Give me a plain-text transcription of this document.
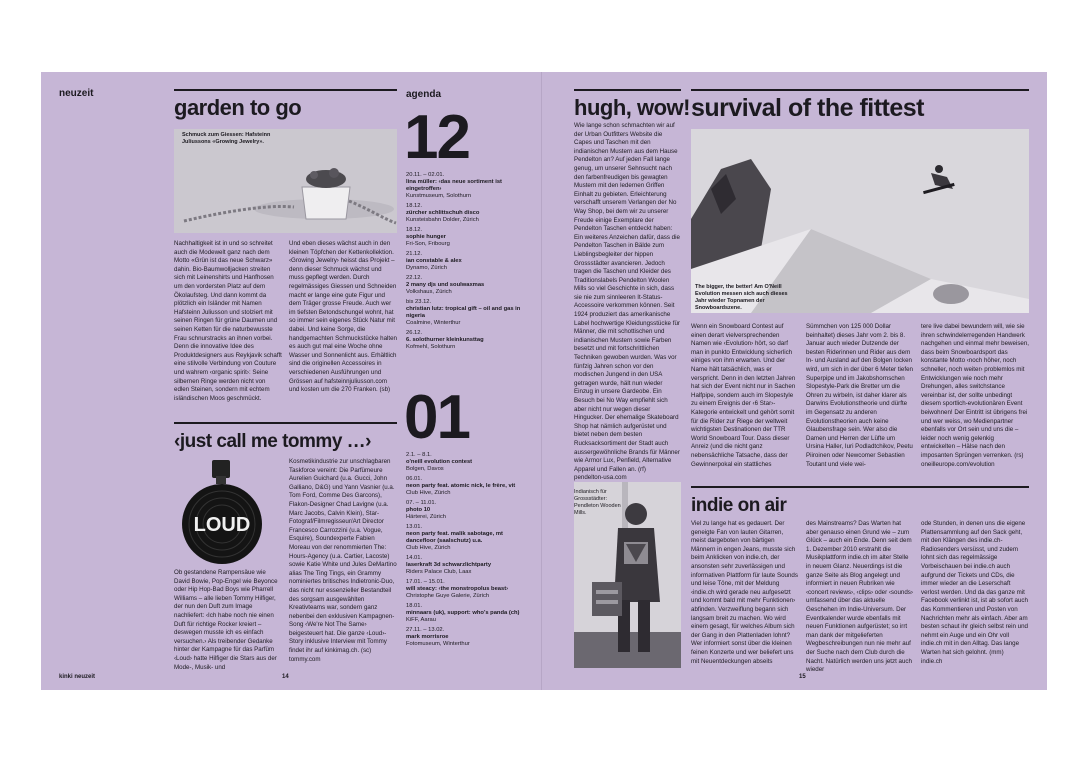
neuzeit
garden to go
Schmuck zum Giessen: Hafsteinn Juliussons «Growing Jewelry».
Nachhaltigkeit ist in und so schreitet auch die Modewelt ganz nach dem Motto «Grün ist das neue Schwarz» dahin. Bio-Baumwolljacken streiten sich mit Leinenshirts und Hanfhosen um den vordersten Platz auf dem Ökolaufsteg. Und dann kommt da plötzlich ein Isländer mit Namen Hafsteinn Juliusson und stolziert mit seinen Ringen für grüne Daumen und seinen Ketten für die naturbewusste Frau schnurstracks an ihnen vorbei. Denn die innovative Idee des Produktdesigners aus Reykjavik schafft eine stilvolle Verbindung von Couture und wahrem ‹organic spirit›: Seine silbernen Ringe werden nicht von edlen Steinen, sondern mit echtem isländischen Moos geschmückt.
Und eben dieses wächst auch in den kleinen Töpfchen der Kettenkollektion. ‹Growing Jewelry› heisst das Projekt – denn dieser Schmuck wächst und muss gepflegt werden. Durch regelmässiges Giessen und Schneiden macht er lange eine gute Figur und dem Träger grosse Freude. Auch wer im tiefsten Betondschungel wohnt, hat so immer sein eigenes Stück Natur mit dabei. Und keine Sorge, die handgemachten Schmuckstücke halten es auch gut mal eine Woche ohne Wasser und Sonnenlicht aus. Erhältlich sind die originellen Accessoires in verschiedenen Ausführungen und Grössen auf hafsteinnjuliusson.com und kosten um die 270 Franken. (sb)
‹just call me tommy …›
LOUD
Ob gestandene Rampensäue wie David Bowie, Pop-Engel wie Beyonce oder Hip Hop-Bad Boys wie Pharrell Williams – alle lieben Tommy Hilfiger, der nun den Duft zum Image nachliefert: ‹Ich habe noch nie einen Duft für richtige Rocker kreiert – deswegen musste ich es einfach versuchen.› Als treibender Gedanke hinter der Kampagne für das Parfüm ‹Loud› hatte Hilfiger die Stars aus der Mode-, Musik- und
Kosmetikindustrie zur unschlagbaren Taskforce vereint: Die Parfümeure Aurelien Guichard (u.a. Gucci, John Galliano, D&G) und Yann Vasnier (u.a. Tom Ford, Comme Des Garcons), Flakon-Designer Chad Lavigne (u.a. Marc Jacobs, Calvin Klein), Star-Fotograf/Filmregisseur/Art Director Francesco Carrozzini (u.a. Vogue, Esquire), Soundexperte Fabien Moreau von der renommierten The: Hours-Agency (u.a. Cartier, Lacoste) sowie Katie White und Jules DeMartino alias The Ting Tings, ein Grammy nominiertes britisches Indietronic-Duo, das nicht nur essenzieller Bestandteil des sorgsam ausgewählten Kreativteams war, sondern ganz nebenbei den exklusiven Kampagnen-Song ‹We're Not The Same› beigesteuert hat. Die ganze ‹Loud›-Story inklusive Interview mit Tommy findet ihr auf kinkimag.ch. (sc)
tommy.com
kinki neuzeit	14
agenda
12
20.11. – 02.01.
lina müller: ‹das neue sortiment ist eingetroffen›
Kunstmuseum, Solothurn
18.12.
zürcher schlittschuh disco
Kunsteisbahn Dolder, Zürich
18.12.
sophie hunger
Fri-Son, Fribourg
21.12.
ian constable & alex
Dynamo, Zürich
22.12.
2 many djs und soulwaxmas
Volkshaus, Zürich
bis 23.12.
christian lutz: tropical gift – oil and gas in nigeria
Coalmine, Winterthur
26.12.
6. solothurner kleinkunsttag
Kofmehl, Solothurn
01
2.1. – 8.1.
o'neill evolution contest
Bolgen, Davos
06.01.
neon party feat. atomic nick, le frère, vit
Club Hive, Zürich
07. – 11.01.
photo 10
Härterei, Zürich
13.01.
neon party feat. malik sabotage, mt dancefloor (saalschutz) u.a.
Club Hive, Zürich
14.01.
laserkraft 3d schwarzlichtparty
Riders Palace Club, Laax
17.01. – 15.01.
will steacy: ‹the monstropolus beast›
Christophe Guye Galerie, Zürich
18.01.
minnaars (uk), support: who's panda (ch)
KiFF, Aarau
27.11. – 13.02.
mark morrisroe
Fotomuseum, Winterthur
hugh, wow!
Wie lange schon schmachten wir auf der Urban Outfitters Website die Capes und Taschen mit den indianischen Mustern aus dem Hause Pendelton an? Auf jeden Fall lange genug, um unserer Sehnsucht nach den farbenfreudigen bis gewagten Mustern mit den ledernen Griffen Einhalt zu gebieten. Erleichterung verschafft unserem Verlangen der No Way Shop, bei dem wir zu unserer Freude einige Exemplare der Pendelton Taschen entdeckt haben: Ein weiteres Anzeichen dafür, dass die Pendelton Taschen in Bälde zum Lieblingsbegleiter der hippen Grossstädter avancieren. Jedoch tragen die Taschen und Kleider des Traditionslabels Pendelton Woolen Mills so viel Geschichte in sich, dass sie nie zum sinnleeren It-Status-Accessoire verkommen können. Seit 1924 produziert das amerikanische Label hochwertige Kleidungsstücke für Männer, die mit schottischen und indianischen Mustern sowie Farben besetzt und mit fortschrittlichen Techniken gewoben wurden. Was vor fünfzig Jahren schon vor den modischen Jungend in den USA getragen wurde, hält nun wieder Einzug in unsere Gardeobe. Ein Besuch bei No Way empfiehlt sich aber nicht nur wegen dieser Hingucker. Der ehemalige Skateboard Shop hat nämlich aufgerüstet und bietet neben dem besten Rucksacksortiment der Stadt auch aussergewöhnliche Brands für Männer wie Armor Lux, Penfield, Alternative Apparel und Fallen an. (rf)
pendelton-usa.com

Indianisch für Grossstädter: Pendleton Wooden Mills.
survival of the fittest
The bigger, the better! Am O'Neill Evolution messen sich auch dieses Jahr wieder Topnamen der Snowboardszene.
Wenn ein Snowboard Contest auf einen derart vielversprechenden Namen wie ‹Evolution› hört, so darf man in punkto Entwicklung sicherlich einiges von ihm erwarten. Und der Name hält tatsächlich, was er verspricht. Denn in den letzten Jahren hat sich der Event nicht nur in Sachen Halfpipe, sondern auch im Slopestyle zu einem Ereignis der ‹6 Star›-Kategorie entwickelt und gehört somit für die Rider zur Riege der weltweit wichtigsten Destinationen der TTR World Snowboard Tour. Dass dieser Anreiz (und die nicht ganz nebensächliche Tatsache, dass der Gewinnerpokal ein stattliches
Sümmchen von 125 000 Dollar beinhaltet) dieses Jahr vom 2. bis 8. Januar auch wieder Dutzende der besten Riderinnen und Rider aus dem In- und Ausland auf den Bolgen locken wird, um sich in der über 6 Meter tiefen Superpipe und im Jakobshornschen Slopestyle-Park die Bretter um die Ohren zu wirbeln, ist daher klarer als Darwins Evolutionstheorie und dürfte im Gegensatz zu anderen Evolutionstheorien auch keine Glaubensfrage sein. Wer also die Damen und Herren der Lüfte um Ursina Haller, Iuri Podladtchikov, Peetu Piiroinen oder Newcomer Sebastien Toutant und viele wei-
tere live dabei bewundern will, wie sie ihren schwindelerregenden Handwerk nachgehen und einmal mehr beweisen, dass beim Snowboardsport das konstante Motto ‹noch höher, noch schneller, noch weiter› problemlos mit Entwicklungen wie noch mehr Drehungen, alles switchstance vereinbar ist, der sollte unbedingt diesem sportlich-evolutionären Event beiwohnen! Der Eintritt ist übrigens frei und wer weiss, wo Medienpartner ebenfalls vor Ort sein und uns die – leider noch wenig gelenkig entwickelten – Hälse nach den imposanten Sprüngen verrenken. (rs)
oneilleurope.com/evolution
indie on air
Viel zu lange hat es gedauert. Der geneigte Fan von lauten Gitarren, meist dargeboten von bärtigen Männern in engen Jeans, musste sich beim Anklicken von indie.ch, der ansonsten sehr zuverlässigen und informativen Plattform für laute Sounds und leise Töne, mit der Meldung ‹indie.ch wird gerade neu aufgesetzt und kommt bald mit mehr Funktionen› abfinden. Verzweiflung begann sich langsam breit zu machen. Wo wird einem gesagt, für welches Album sich der Gang in den Plattenladen lohnt? Wer informiert sonst über die kleinen feinen Konzerte und wer beliefert uns mit Neuentdeckungen abseits
des Mainstreams? Das Warten hat aber genauso einen Grund wie – zum Glück – auch ein Ende. Denn seit dem 1. Dezember 2010 erstrahlt die Musikplattform indie.ch im alter Stelle in neuem Glanz. Neuerdings ist die ganze Seite als Blog angelegt und informiert in neuen Rubriken wie ‹concert reviews›, ‹clips› oder ‹sounds› umfassend über das aktuelle Geschehen im Indie-Universum. Der Eventkalender wurde ebenfalls mit neuen Funktionen aufgerüstet; so irrt man dank der mitgelieferten Wegbeschreibungen nun nie mehr auf der Suche nach dem Club durch die Nacht. Natürlich werden uns jetzt auch wieder
ode Stunden, in denen uns die eigene Plattensammlung auf den Sack geht, mit den Klängen des indie.ch-Radiosenders versüsst, und zudem lohnt sich das regelmässige Vorbeischauen bei indie.ch auch aufgrund der Tickets und CDs, die immer wieder an die Leserschaft verlost werden. Und da das ganze mit Facebook verlinkt ist, ist ab sofort auch das Kommentieren und Posten von Nachrichten mehr als einfach. Aber am besten schaut ihr gleich selbst rein und nehmt ein Auge und ein Ohr voll indie.ch mit in den Alltag. Das lange Warten hat sich gelohnt. (mm)
indie.ch
15
